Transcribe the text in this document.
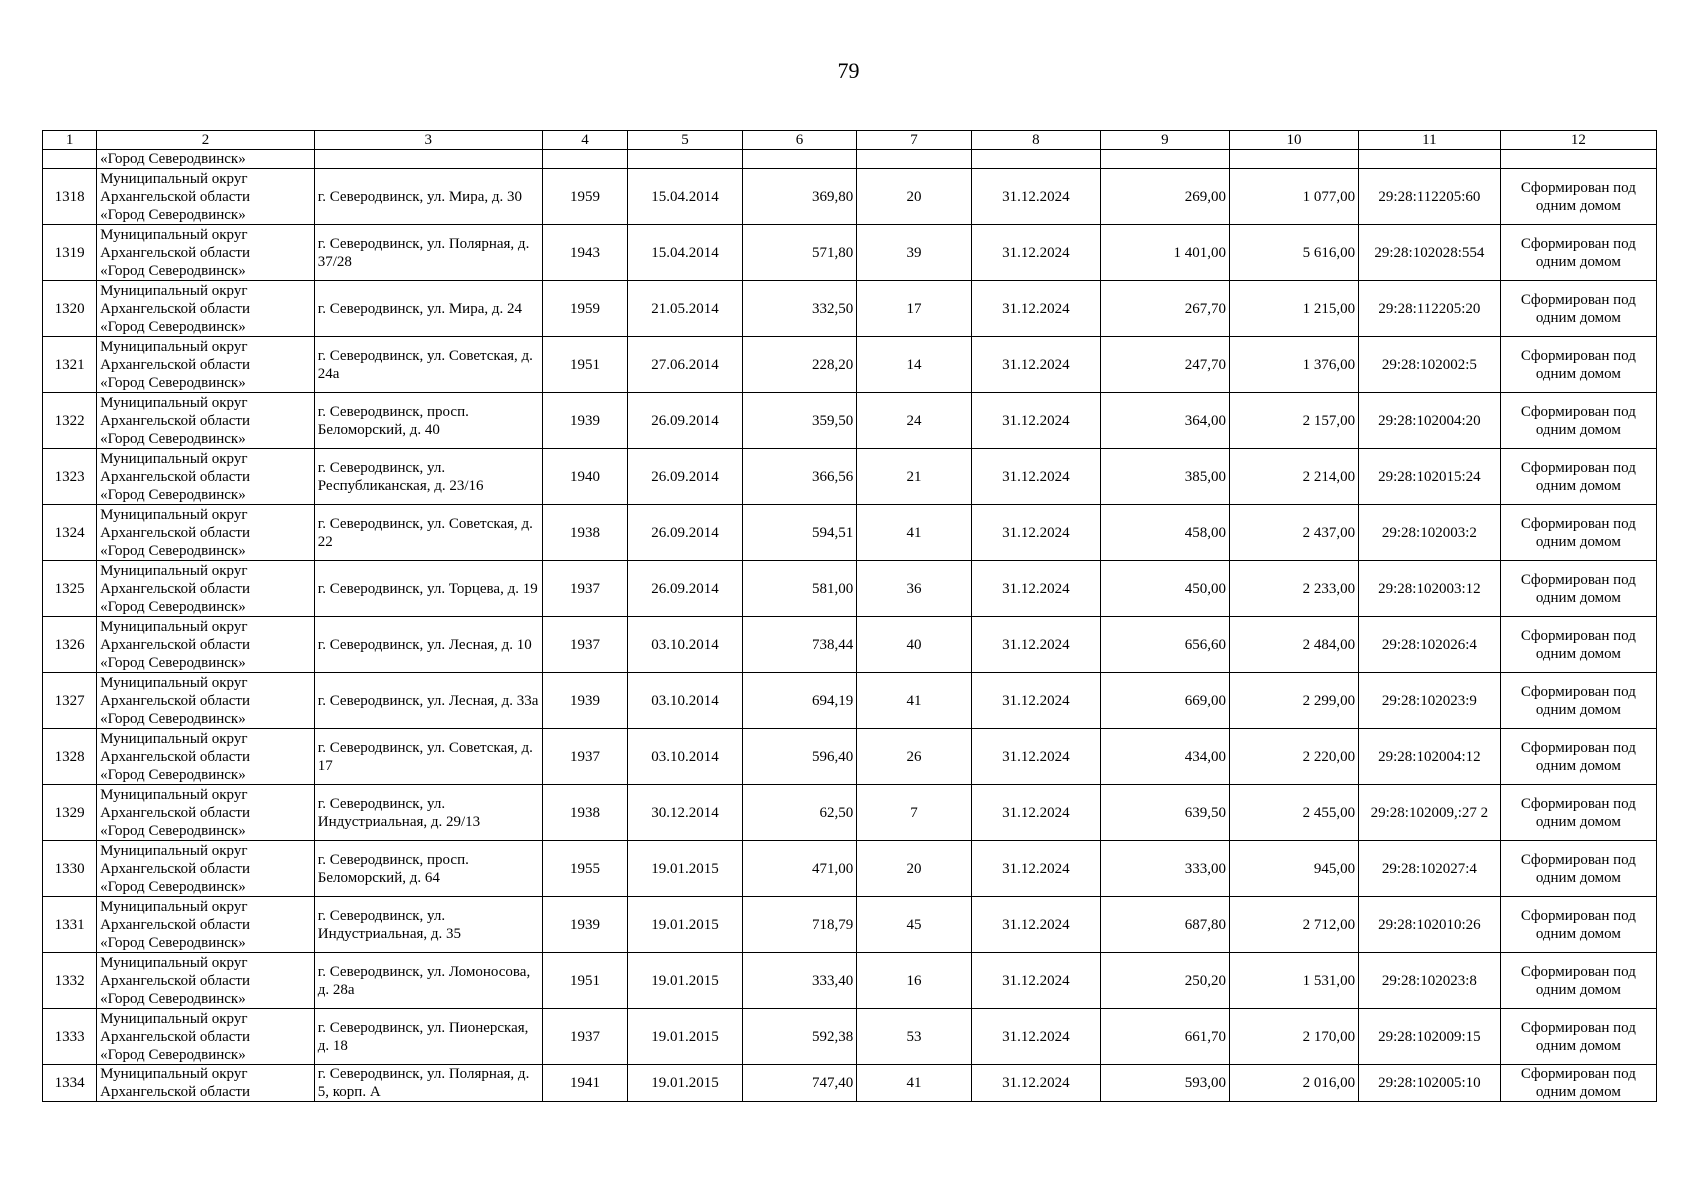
79
1	2	3	4	5	6	7	8	9	10	11	12
	«Город Северодвинск»										
1318	Муниципальный округ
Архангельской области
«Город Северодвинск»	г. Северодвинск, ул. Мира, д. 30	1959	15.04.2014	369,80	20	31.12.2024	269,00	1 077,00	29:28:112205:60	Сформирован под одним домом
1319	Муниципальный округ
Архангельской области
«Город Северодвинск»	г. Северодвинск, ул. Полярная, д. 37/28	1943	15.04.2014	571,80	39	31.12.2024	1 401,00	5 616,00	29:28:102028:554	Сформирован под одним домом
1320	Муниципальный округ
Архангельской области
«Город Северодвинск»	г. Северодвинск, ул. Мира, д. 24	1959	21.05.2014	332,50	17	31.12.2024	267,70	1 215,00	29:28:112205:20	Сформирован под одним домом
1321	Муниципальный округ
Архангельской области
«Город Северодвинск»	г. Северодвинск, ул. Советская, д. 24а	1951	27.06.2014	228,20	14	31.12.2024	247,70	1 376,00	29:28:102002:5	Сформирован под одним домом
1322	Муниципальный округ
Архангельской области
«Город Северодвинск»	г. Северодвинск, просп. Беломорский, д. 40	1939	26.09.2014	359,50	24	31.12.2024	364,00	2 157,00	29:28:102004:20	Сформирован под одним домом
1323	Муниципальный округ
Архангельской области
«Город Северодвинск»	г. Северодвинск, ул. Республиканская, д. 23/16	1940	26.09.2014	366,56	21	31.12.2024	385,00	2 214,00	29:28:102015:24	Сформирован под одним домом
1324	Муниципальный округ
Архангельской области
«Город Северодвинск»	г. Северодвинск, ул. Советская, д. 22	1938	26.09.2014	594,51	41	31.12.2024	458,00	2 437,00	29:28:102003:2	Сформирован под одним домом
1325	Муниципальный округ
Архангельской области
«Город Северодвинск»	г. Северодвинск, ул. Торцева, д. 19	1937	26.09.2014	581,00	36	31.12.2024	450,00	2 233,00	29:28:102003:12	Сформирован под одним домом
1326	Муниципальный округ
Архангельской области
«Город Северодвинск»	г. Северодвинск, ул. Лесная, д. 10	1937	03.10.2014	738,44	40	31.12.2024	656,60	2 484,00	29:28:102026:4	Сформирован под одним домом
1327	Муниципальный округ
Архангельской области
«Город Северодвинск»	г. Северодвинск, ул. Лесная, д. 33а	1939	03.10.2014	694,19	41	31.12.2024	669,00	2 299,00	29:28:102023:9	Сформирован под одним домом
1328	Муниципальный округ
Архангельской области
«Город Северодвинск»	г. Северодвинск, ул. Советская, д. 17	1937	03.10.2014	596,40	26	31.12.2024	434,00	2 220,00	29:28:102004:12	Сформирован под одним домом
1329	Муниципальный округ
Архангельской области
«Город Северодвинск»	г. Северодвинск, ул. Индустриальная, д. 29/13	1938	30.12.2014	62,50	7	31.12.2024	639,50	2 455,00	29:28:102009,:27 2	Сформирован под одним домом
1330	Муниципальный округ
Архангельской области
«Город Северодвинск»	г. Северодвинск, просп. Беломорский, д. 64	1955	19.01.2015	471,00	20	31.12.2024	333,00	945,00	29:28:102027:4	Сформирован под одним домом
1331	Муниципальный округ
Архангельской области
«Город Северодвинск»	г. Северодвинск, ул. Индустриальная, д. 35	1939	19.01.2015	718,79	45	31.12.2024	687,80	2 712,00	29:28:102010:26	Сформирован под одним домом
1332	Муниципальный округ
Архангельской области
«Город Северодвинск»	г. Северодвинск, ул. Ломоносова, д. 28а	1951	19.01.2015	333,40	16	31.12.2024	250,20	1 531,00	29:28:102023:8	Сформирован под одним домом
1333	Муниципальный округ
Архангельской области
«Город Северодвинск»	г. Северодвинск, ул. Пионерская, д. 18	1937	19.01.2015	592,38	53	31.12.2024	661,70	2 170,00	29:28:102009:15	Сформирован под одним домом
1334	Муниципальный округ
Архангельской области	г. Северодвинск, ул. Полярная, д. 5, корп. А	1941	19.01.2015	747,40	41	31.12.2024	593,00	2 016,00	29:28:102005:10	Сформирован под одним домом
